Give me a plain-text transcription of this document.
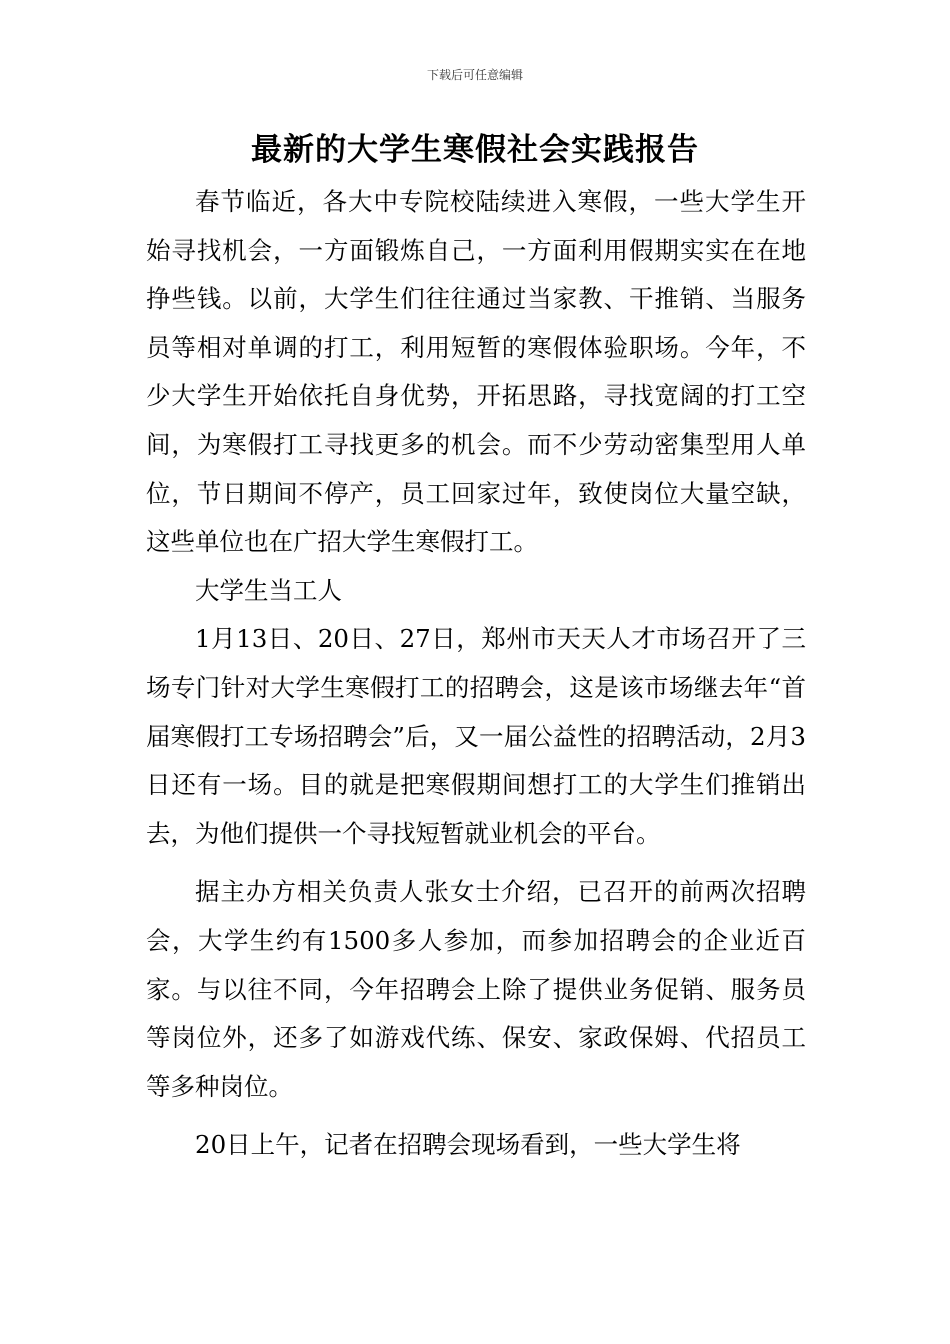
下载后可任意编辑
最新的大学生寒假社会实践报告

春节临近，各大中专院校陆续进入寒假，一些大学生开始寻找机会，一方面锻炼自己，一方面利用假期实实在在地挣些钱。以前，大学生们往往通过当家教、干推销、当服务员等相对单调的打工，利用短暂的寒假体验职场。今年，不少大学生开始依托自身优势，开拓思路，寻找宽阔的打工空间，为寒假打工寻找更多的机会。而不少劳动密集型用人单位，节日期间不停产，员工回家过年，致使岗位大量空缺，这些单位也在广招大学生寒假打工。

大学生当工人

1月13日、20日、27日，郑州市天天人才市场召开了三场专门针对大学生寒假打工的招聘会，这是该市场继去年“首届寒假打工专场招聘会”后，又一届公益性的招聘活动，2月3日还有一场。目的就是把寒假期间想打工的大学生们推销出去，为他们提供一个寻找短暂就业机会的平台。

据主办方相关负责人张女士介绍，已召开的前两次招聘会，大学生约有1500多人参加，而参加招聘会的企业近百家。与以往不同，今年招聘会上除了提供业务促销、服务员等岗位外，还多了如游戏代练、保安、家政保姆、代招员工等多种岗位。

20日上午，记者在招聘会现场看到，一些大学生将
